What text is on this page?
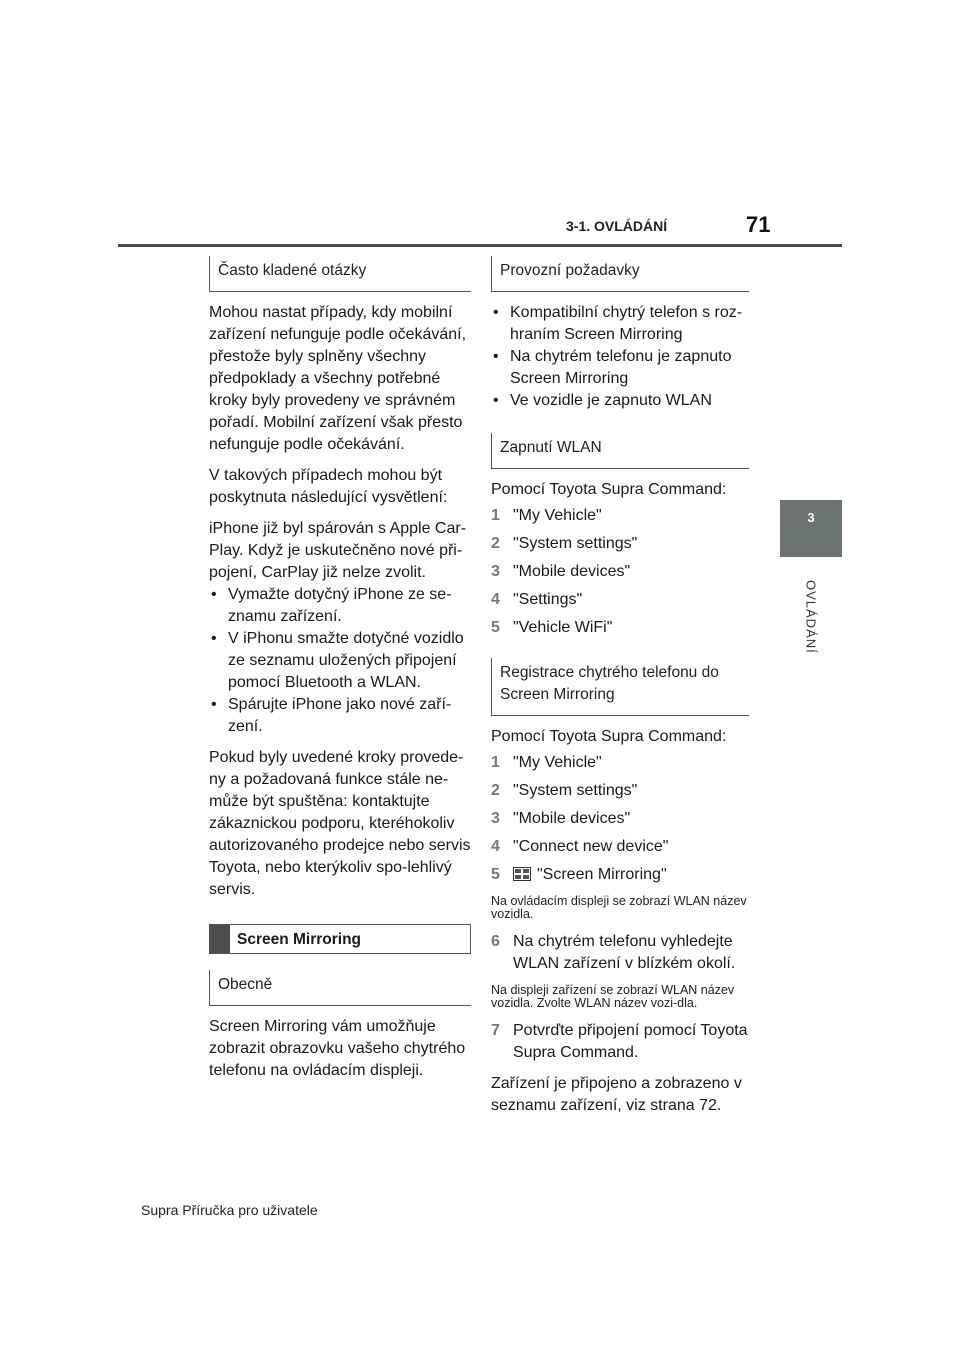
3-1. OVLÁDÁNÍ	71
3
OVLÁDÁNÍ
Často kladené otázky

Mohou nastat případy, kdy mobilní zařízení nefunguje podle očekávání, přestože byly splněny všechny předpoklady a všechny potřebné kroky byly provedeny ve správném pořadí. Mobilní zařízení však přesto nefunguje podle očekávání.

V takových případech mohou být poskytnuta následující vysvětlení:

iPhone již byl spárován s Apple Car-Play. Když je uskutečněno nové při-pojení, CarPlay již nelze zvolit.

• Vymažte dotyčný iPhone ze se-znamu zařízení.
• V iPhonu smažte dotyčné vozidlo ze seznamu uložených připojení pomocí Bluetooth a WLAN.
• Spárujte iPhone jako nové zaří-zení.

Pokud byly uvedené kroky provede-ny a požadovaná funkce stále ne-může být spuštěna: kontaktujte zákaznickou podporu, kteréhokoliv autorizovaného prodejce nebo servis Toyota, nebo kterýkoliv spo-lehlivý servis.

Screen Mirroring
Obecně

Screen Mirroring vám umožňuje zobrazit obrazovku vašeho chytrého telefonu na ovládacím displeji.

Provozní požadavky
• Kompatibilní chytrý telefon s roz-hraním Screen Mirroring
• Na chytrém telefonu je zapnuto Screen Mirroring
• Ve vozidle je zapnuto WLAN
Zapnutí WLAN

Pomocí Toyota Supra Command:

1 "My Vehicle"
2 "System settings"
3 "Mobile devices"
4 "Settings"
5 "Vehicle WiFi"
Registrace chytrého telefonu do Screen Mirroring

Pomocí Toyota Supra Command:

1 "My Vehicle"
2 "System settings"
3 "Mobile devices"
4 "Connect new device"
5 "Screen Mirroring"
Na ovládacím displeji se zobrazí WLAN název vozidla.
6 Na chytrém telefonu vyhledejte WLAN zařízení v blízkém okolí.
Na displeji zařízení se zobrazí WLAN název vozidla. Zvolte WLAN název vozi-dla.
7 Potvrďte připojení pomocí Toyota Supra Command.

Zařízení je připojeno a zobrazeno v seznamu zařízení, viz strana 72.

Supra Příručka pro uživatele
